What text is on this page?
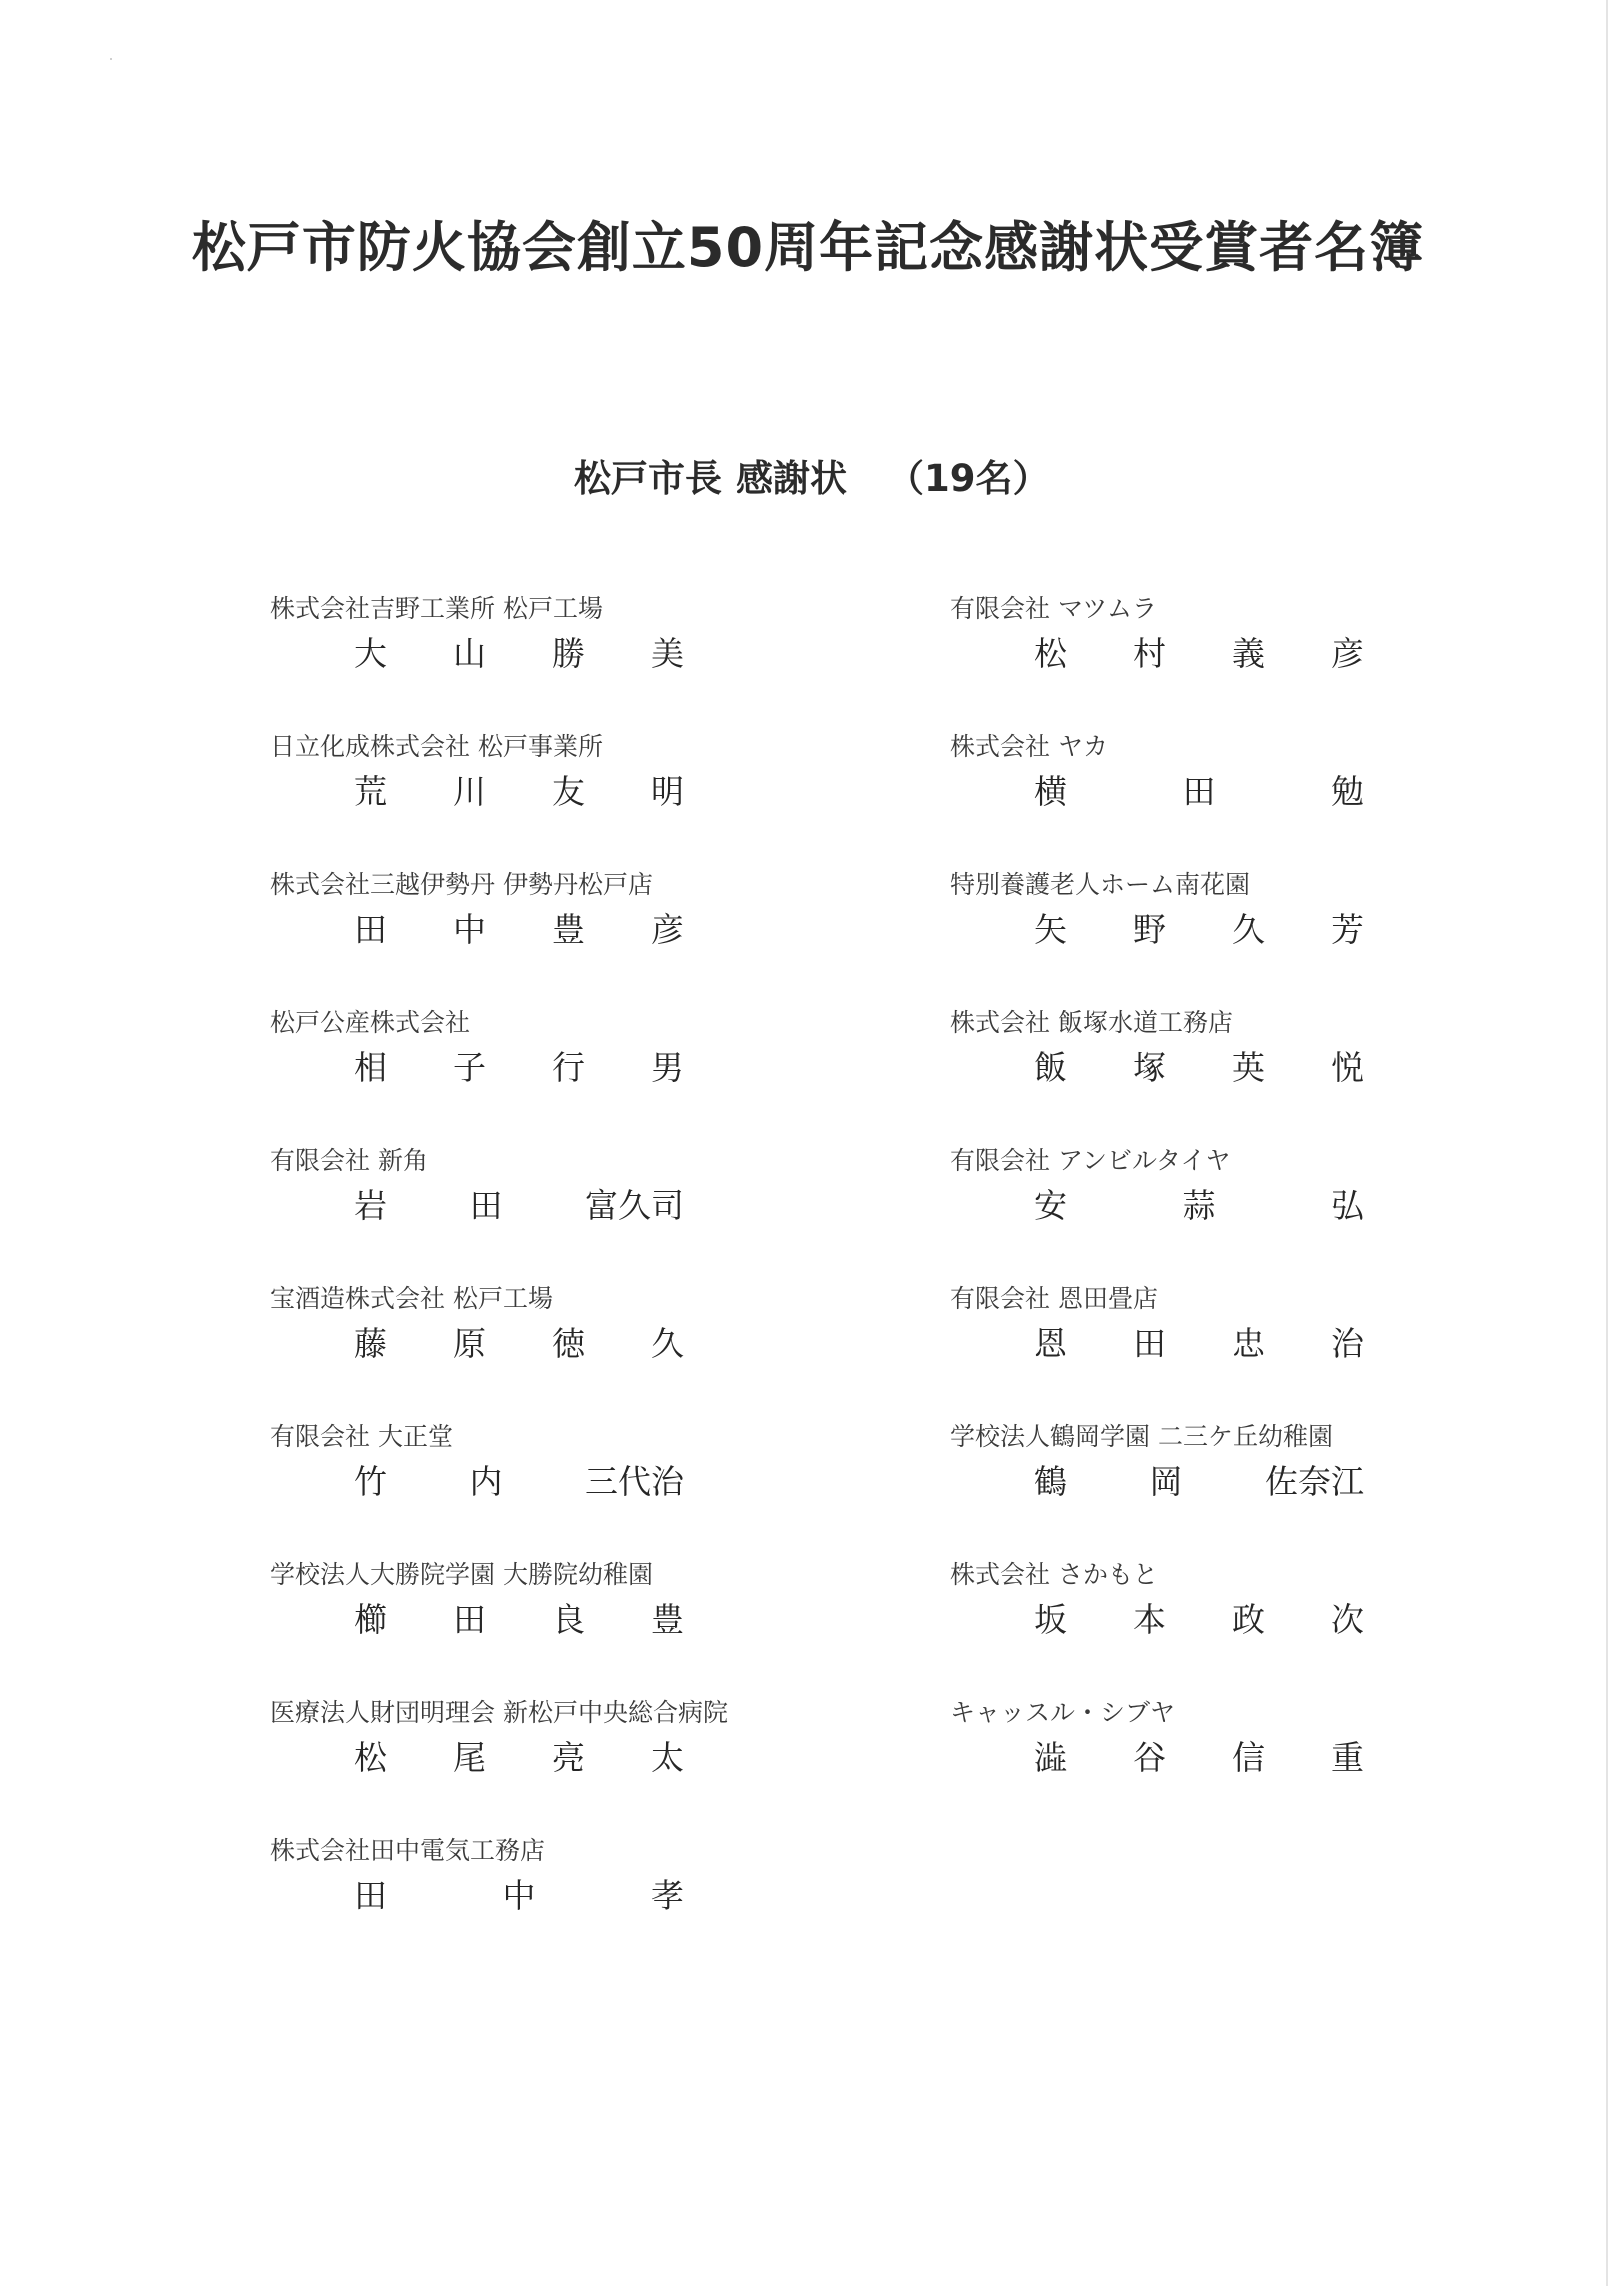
松戸市防火協会創立50周年記念感謝状受賞者名簿
松戸市長 感謝状 （19名）
株式会社吉野工業所 松戸工場
大 山 勝 美
日立化成株式会社 松戸事業所
荒 川 友 明
株式会社三越伊勢丹 伊勢丹松戸店
田 中 豊 彦
松戸公産株式会社
相 子 行 男
有限会社 新角
岩	田	富久司
宝酒造株式会社 松戸工場
藤 原 徳 久
有限会社 大正堂
竹	内	三代治
学校法人大勝院学園 大勝院幼稚園
櫛 田 良 豊
医療法人財団明理会 新松戸中央総合病院
松 尾 亮 太
株式会社田中電気工務店
田	中	孝
有限会社 マツムラ
松 村 義 彦
株式会社 ヤカ
横	田	勉
特別養護老人ホーム南花園
矢 野 久 芳
株式会社 飯塚水道工務店
飯 塚 英 悦
有限会社 アンビルタイヤ
安	蒜	弘
有限会社 恩田畳店
恩 田 忠 治
学校法人鶴岡学園 二三ケ丘幼稚園
鶴	岡	佐奈江
株式会社 さかもと
坂 本 政 次
キャッスル・シブヤ
澁 谷 信 重
